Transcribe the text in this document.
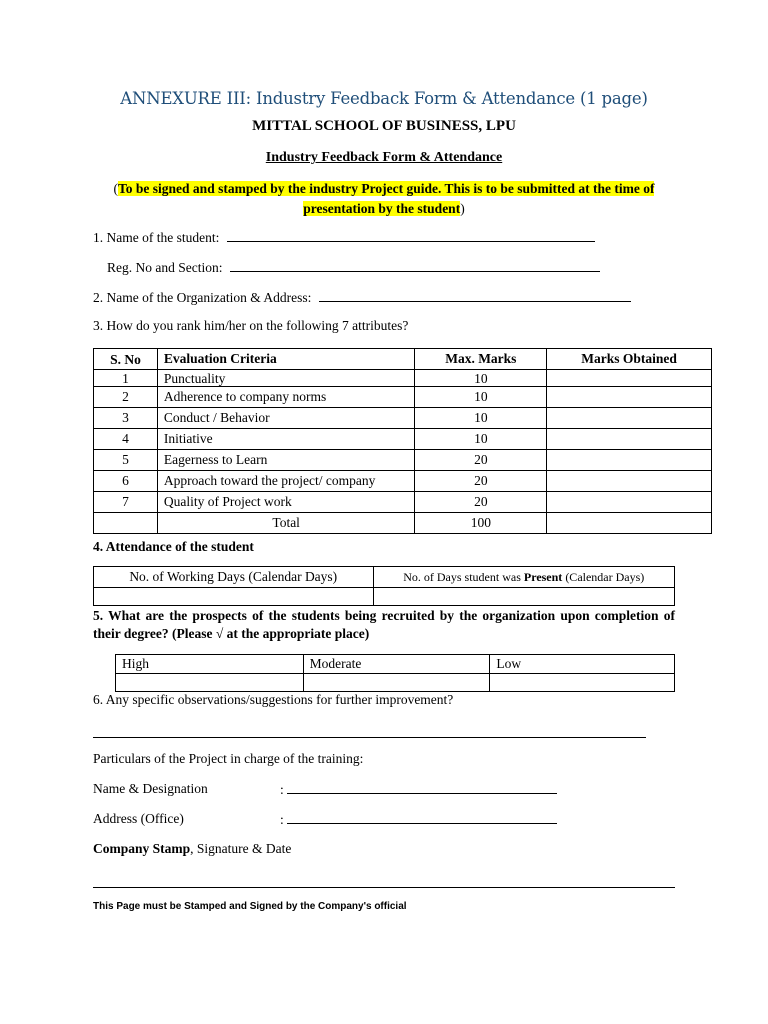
ANNEXURE III: Industry Feedback Form & Attendance (1 page)
MITTAL SCHOOL OF BUSINESS, LPU
Industry Feedback Form & Attendance
(To be signed and stamped by the industry Project guide. This is to be submitted at the time of presentation by the student)
1. Name of the student:
Reg. No and Section:
2. Name of the Organization & Address:
3. How do you rank him/her on the following 7 attributes?
S. No	Evaluation Criteria	Max. Marks	Marks Obtained
1	Punctuality	10	
2	Adherence to company norms	10	
3	Conduct / Behavior	10	
4	Initiative	10	
5	Eagerness to Learn	20	
6	Approach toward the project/ company	20	
7	Quality of Project work	20	
	Total	100	
4. Attendance of the student
No. of Working Days (Calendar Days)	No. of Days student was Present (Calendar Days)

5. What are the prospects of the students being recruited by the organization upon completion of their degree? (Please √ at the appropriate place)
High	Moderate	Low

6. Any specific observations/suggestions for further improvement?
Particulars of the Project in charge of the training:
Name & Designation	:
Address (Office)	:
Company Stamp, Signature & Date
This Page must be Stamped and Signed by the Company's official
